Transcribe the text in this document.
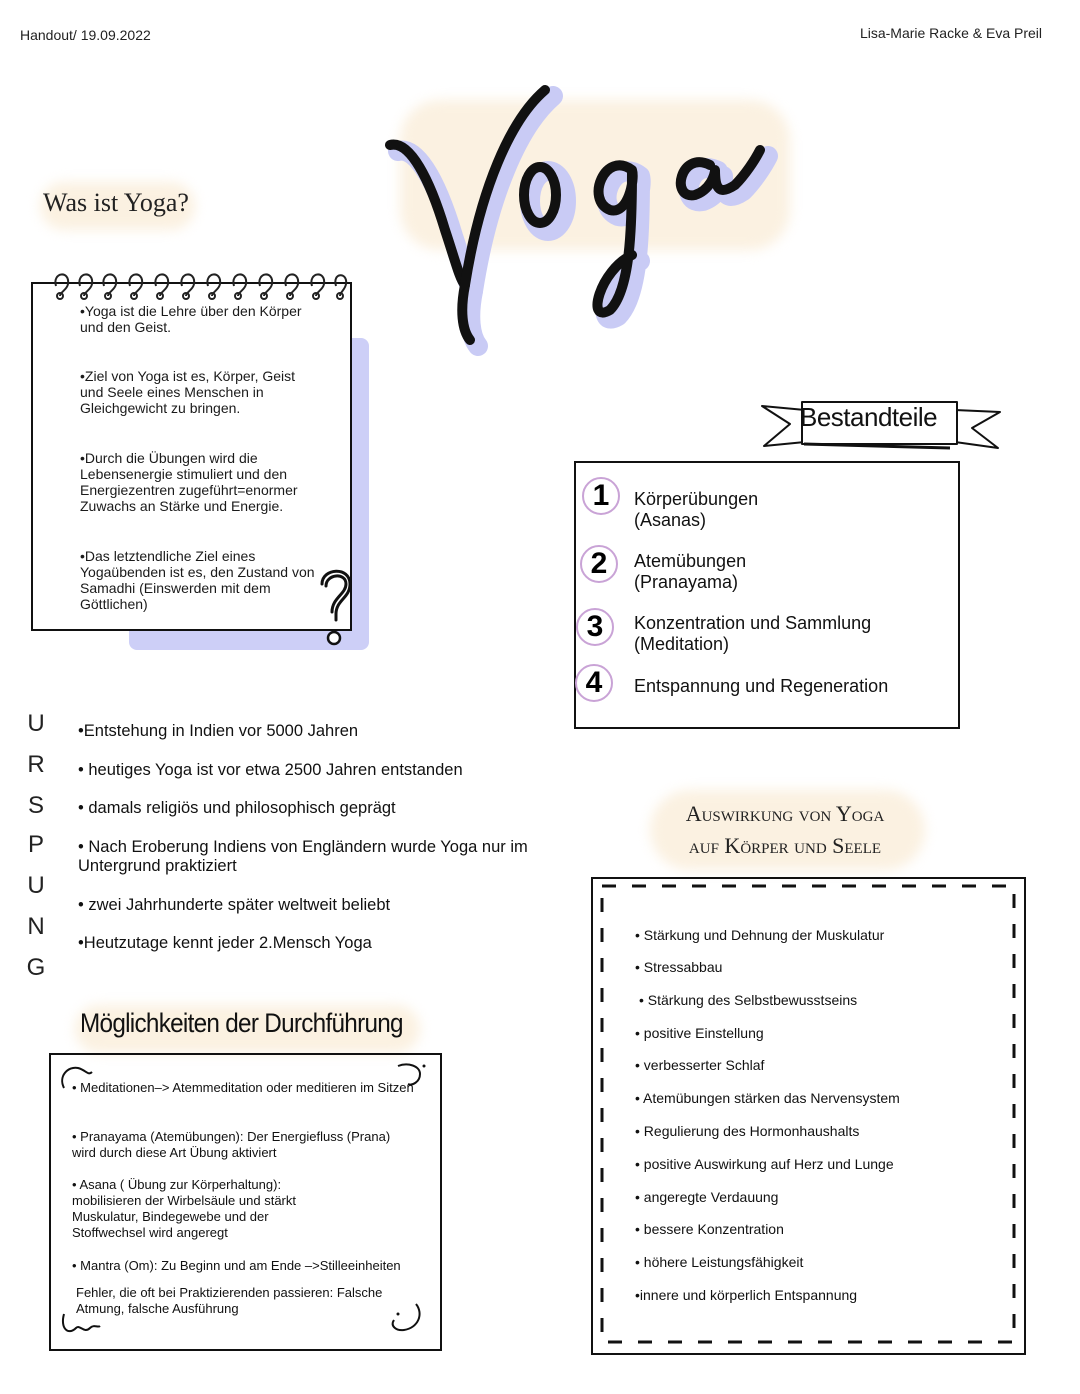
Handout/ 19.09.2022	Lisa-Marie Racke & Eva Preil
Yoga
Was ist Yoga?
•Yoga ist die Lehre über den Körper und den Geist.
•Ziel von Yoga ist es, Körper, Geist und Seele eines Menschen in Gleichgewicht zu bringen.
•Durch die Übungen wird die Lebensenergie stimuliert und den Energiezentren zugeführt=enormer Zuwachs an Stärke und Energie.
•Das letztendliche Ziel eines Yogaübenden ist es, den Zustand von Samadhi (Einswerden mit dem Göttlichen)
Bestandteile
1	Körperübungen
(Asanas)
2	Atemübungen
(Pranayama)
3	Konzentration und Sammlung
(Meditation)
4	Entspannung und Regeneration
U
R
S
P
U
N
G
•Entstehung in Indien vor 5000 Jahren
• heutiges Yoga ist vor etwa 2500 Jahren entstanden
• damals religiös und philosophisch geprägt
• Nach Eroberung Indiens von Engländern wurde Yoga nur im Untergrund praktiziert
• zwei Jahrhunderte später weltweit beliebt
•Heutzutage kennt jeder 2.Mensch Yoga
Möglichkeiten der Durchführung
• Meditationen–> Atemmeditation oder meditieren im Sitzen
• Pranayama (Atemübungen): Der Energiefluss (Prana) wird durch diese Art Übung aktiviert
• Asana ( Übung zur Körperhaltung): mobilisieren der Wirbelsäule und stärkt Muskulatur, Bindegewebe und der Stoffwechsel wird angeregt
• Mantra (Om): Zu Beginn und am Ende –>Stilleeinheiten
Fehler, die oft bei Praktizierenden passieren: Falsche Atmung, falsche Ausführung
Auswirkung von Yoga
auf Körper und Seele
• Stärkung und Dehnung der Muskulatur
• Stressabbau
• Stärkung des Selbstbewusstseins
• positive Einstellung
• verbesserter Schlaf
• Atemübungen stärken das Nervensystem
• Regulierung des Hormonhaushalts
• positive Auswirkung auf Herz und Lunge
• angeregte Verdauung
• bessere Konzentration
• höhere Leistungsfähigkeit
•innere und körperlich Entspannung
